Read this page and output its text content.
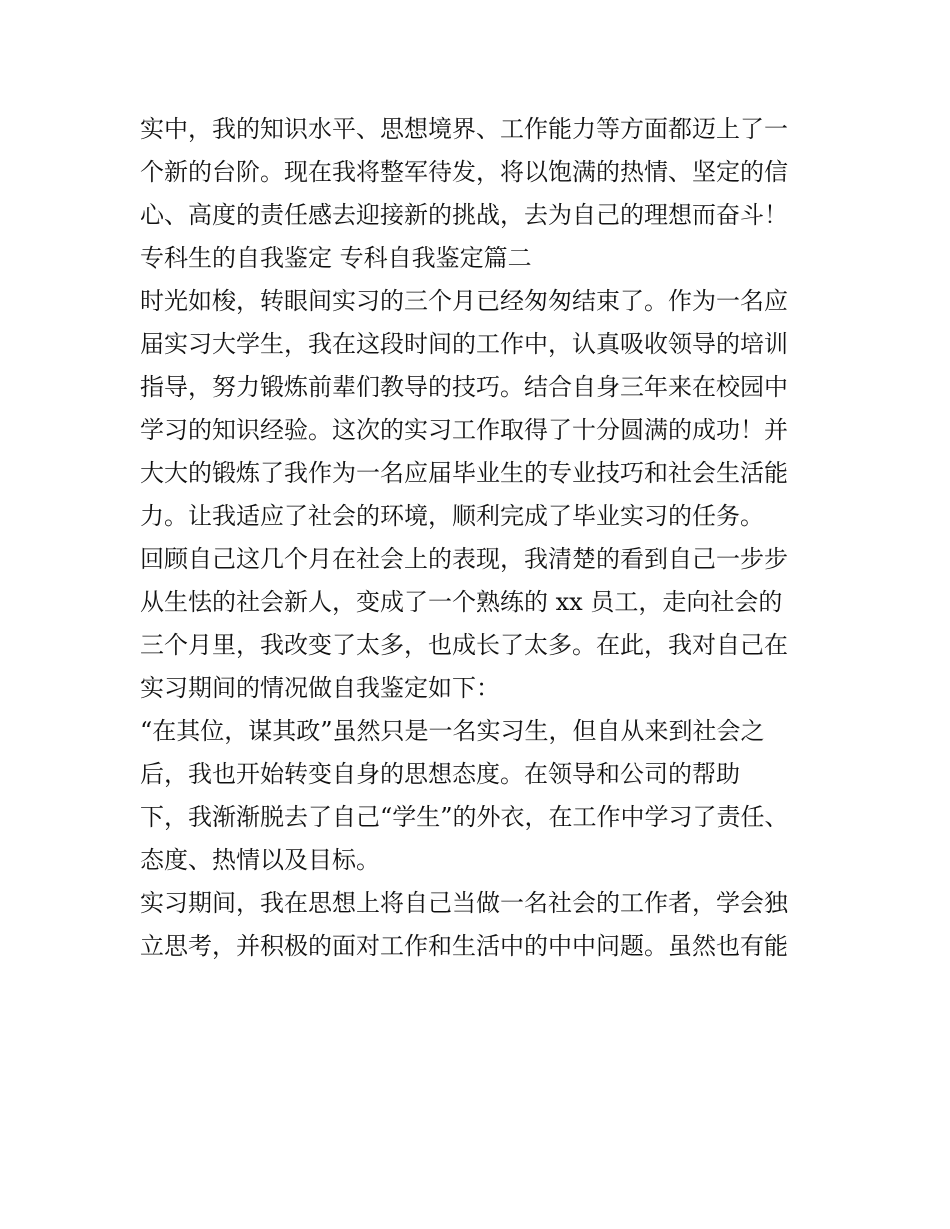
实中，我的知识水平、思想境界、工作能力等方面都迈上了一
个新的台阶。现在我将整军待发，将以饱满的热情、坚定的信
心、高度的责任感去迎接新的挑战，去为自己的理想而奋斗！
专科生的自我鉴定 专科自我鉴定篇二
时光如梭，转眼间实习的三个月已经匆匆结束了。作为一名应
届实习大学生，我在这段时间的工作中，认真吸收领导的培训
指导，努力锻炼前辈们教导的技巧。结合自身三年来在校园中
学习的知识经验。这次的实习工作取得了十分圆满的成功！并
大大的锻炼了我作为一名应届毕业生的专业技巧和社会生活能
力。让我适应了社会的环境，顺利完成了毕业实习的任务。
回顾自己这几个月在社会上的表现，我清楚的看到自己一步步
从生怯的社会新人，变成了一个熟练的 xx 员工，走向社会的
三个月里，我改变了太多，也成长了太多。在此，我对自己在
实习期间的情况做自我鉴定如下：
“在其位，谋其政”虽然只是一名实习生，但自从来到社会之
后，我也开始转变自身的思想态度。在领导和公司的帮助
下，我渐渐脱去了自己“学生”的外衣，在工作中学习了责任、
态度、热情以及目标。
实习期间，我在思想上将自己当做一名社会的工作者，学会独
立思考，并积极的面对工作和生活中的中中问题。虽然也有能
